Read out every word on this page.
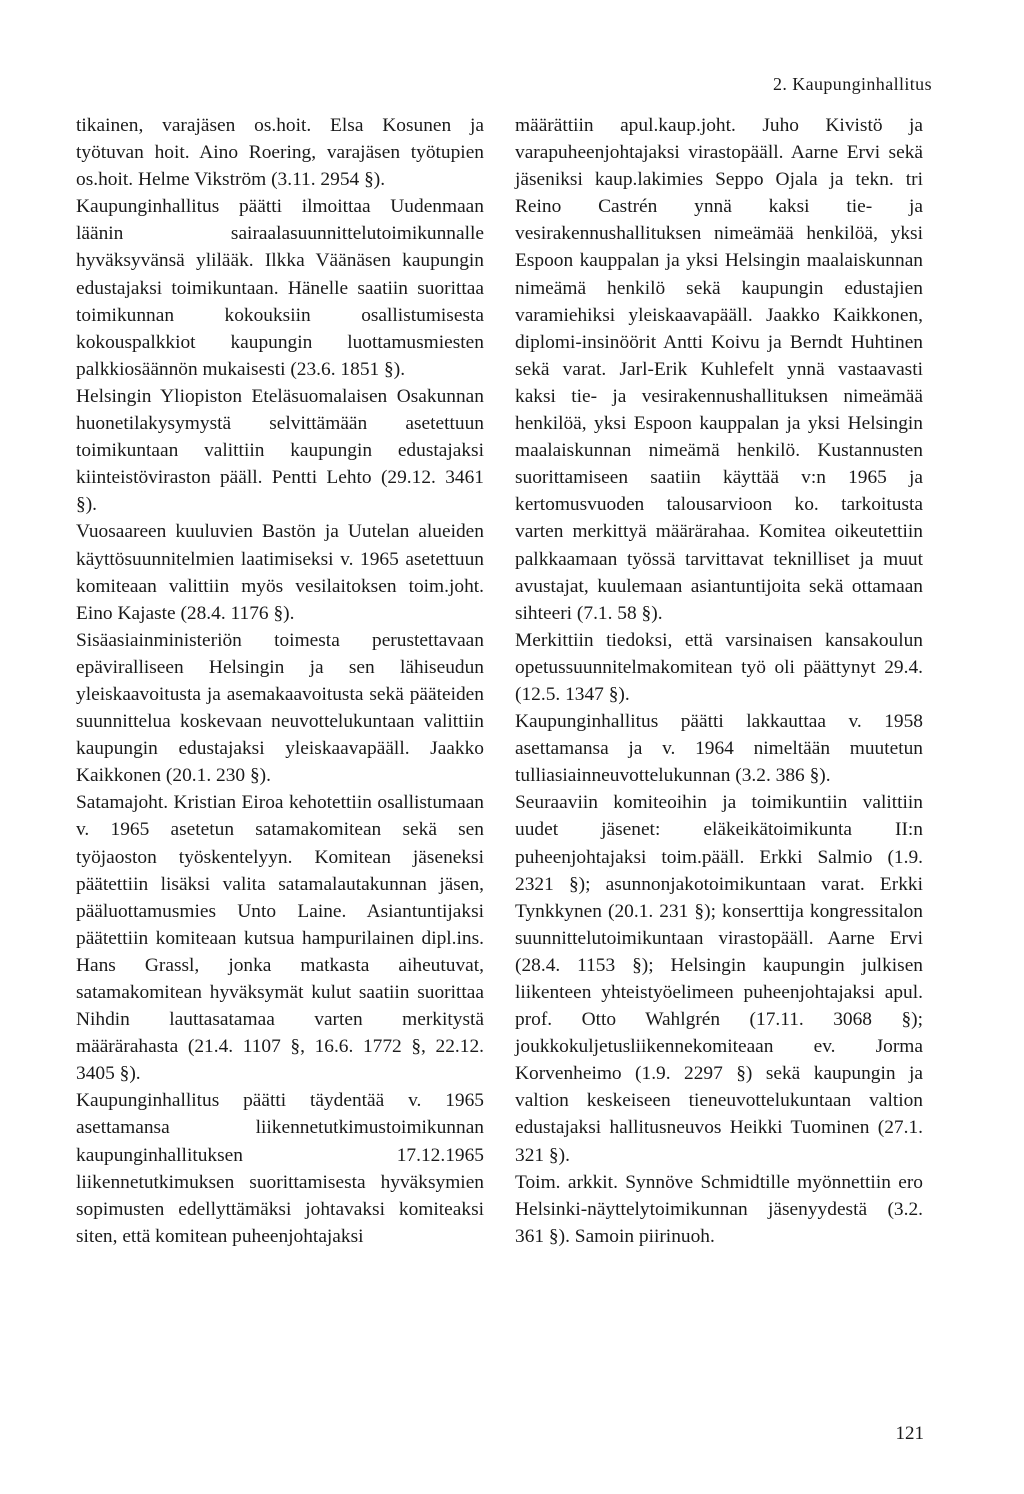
2. Kaupunginhallitus

tikainen, varajäsen os.hoit. Elsa Kosunen ja työtuvan hoit. Aino Roering, varajäsen työtupien os.hoit. Helme Vikström (3.11. 2954 §).

Kaupunginhallitus päätti ilmoittaa Uudenmaan läänin sairaalasuunnittelutoimikunnalle hyväksyvänsä ylilääk. Ilkka Väänäsen kaupungin edustajaksi toimikuntaan. Hänelle saatiin suorittaa toimikunnan kokouksiin osallistumisesta kokouspalkkiot kaupungin luottamusmiesten palkkiosäännön mukaisesti (23.6. 1851 §).

Helsingin Yliopiston Eteläsuomalaisen Osakunnan huonetilakysymystä selvittämään asetettuun toimikuntaan valittiin kaupungin edustajaksi kiinteistöviraston pääll. Pentti Lehto (29.12. 3461 §).

Vuosaareen kuuluvien Bastön ja Uutelan alueiden käyttösuunnitelmien laatimiseksi v. 1965 asetettuun komiteaan valittiin myös vesilaitoksen toim.joht. Eino Kajaste (28.4. 1176 §).

Sisäasiainministeriön toimesta perustettavaan epäviralliseen Helsingin ja sen lähiseudun yleiskaavoitusta ja asemakaavoitusta sekä pääteiden suunnittelua koskevaan neuvottelukuntaan valittiin kaupungin edustajaksi yleiskaavapääll. Jaakko Kaikkonen (20.1. 230 §).

Satamajoht. Kristian Eiroa kehotettiin osallistumaan v. 1965 asetetun satamakomitean sekä sen työjaoston työskentelyyn. Komitean jäseneksi päätettiin lisäksi valita satamalautakunnan jäsen, pääluottamusmies Unto Laine. Asiantuntijaksi päätettiin komiteaan kutsua hampurilainen dipl.ins. Hans Grassl, jonka matkasta aiheutuvat, satamakomitean hyväksymät kulut saatiin suorittaa Nihdin lauttasatamaa varten merkitystä määrärahasta (21.4. 1107 §, 16.6. 1772 §, 22.12. 3405 §).

Kaupunginhallitus päätti täydentää v. 1965 asettamansa liikennetutkimustoimikunnan kaupunginhallituksen 17.12.1965 liikennetutkimuksen suorittamisesta hyväksymien sopimusten edellyttämäksi johtavaksi komiteaksi siten, että komitean puheenjohtajaksi

määrättiin apul.kaup.joht. Juho Kivistö ja varapuheenjohtajaksi virastopääll. Aarne Ervi sekä jäseniksi kaup.lakimies Seppo Ojala ja tekn. tri Reino Castrén ynnä kaksi tie- ja vesirakennushallituksen nimeämää henkilöä, yksi Espoon kauppalan ja yksi Helsingin maalaiskunnan nimeämä henkilö sekä kaupungin edustajien varamiehiksi yleiskaavapääll. Jaakko Kaikkonen, diplomi-insinöörit Antti Koivu ja Berndt Huhtinen sekä varat. Jarl-Erik Kuhlefelt ynnä vastaavasti kaksi tie- ja vesirakennushallituksen nimeämää henkilöä, yksi Espoon kauppalan ja yksi Helsingin maalaiskunnan nimeämä henkilö. Kustannusten suorittamiseen saatiin käyttää v:n 1965 ja kertomusvuoden talousarvioon ko. tarkoitusta varten merkittyä määrärahaa. Komitea oikeutettiin palkkaamaan työssä tarvittavat teknilliset ja muut avustajat, kuulemaan asiantuntijoita sekä ottamaan sihteeri (7.1. 58 §).

Merkittiin tiedoksi, että varsinaisen kansakoulun opetussuunnitelmakomitean työ oli päättynyt 29.4. (12.5. 1347 §).

Kaupunginhallitus päätti lakkauttaa v. 1958 asettamansa ja v. 1964 nimeltään muutetun tulliasiainneuvottelukunnan (3.2. 386 §).

Seuraaviin komiteoihin ja toimikuntiin valittiin uudet jäsenet: eläkeikätoimikunta II:n puheenjohtajaksi toim.pääll. Erkki Salmio (1.9. 2321 §); asunnonjakotoimikuntaan varat. Erkki Tynkkynen (20.1. 231 §); konserttija kongressitalon suunnittelutoimikuntaan virastopääll. Aarne Ervi (28.4. 1153 §); Helsingin kaupungin julkisen liikenteen yhteistyöelimeen puheenjohtajaksi apul. prof. Otto Wahlgrén (17.11. 3068 §); joukkokuljetusliikennekomiteaan ev. Jorma Korvenheimo (1.9. 2297 §) sekä kaupungin ja valtion keskeiseen tieneuvottelukuntaan valtion edustajaksi hallitusneuvos Heikki Tuominen (27.1. 321 §).

Toim. arkkit. Synnöve Schmidtille myönnettiin ero Helsinki-näyttelytoimikunnan jäsenyydestä (3.2. 361 §). Samoin piirinuoh.

121
